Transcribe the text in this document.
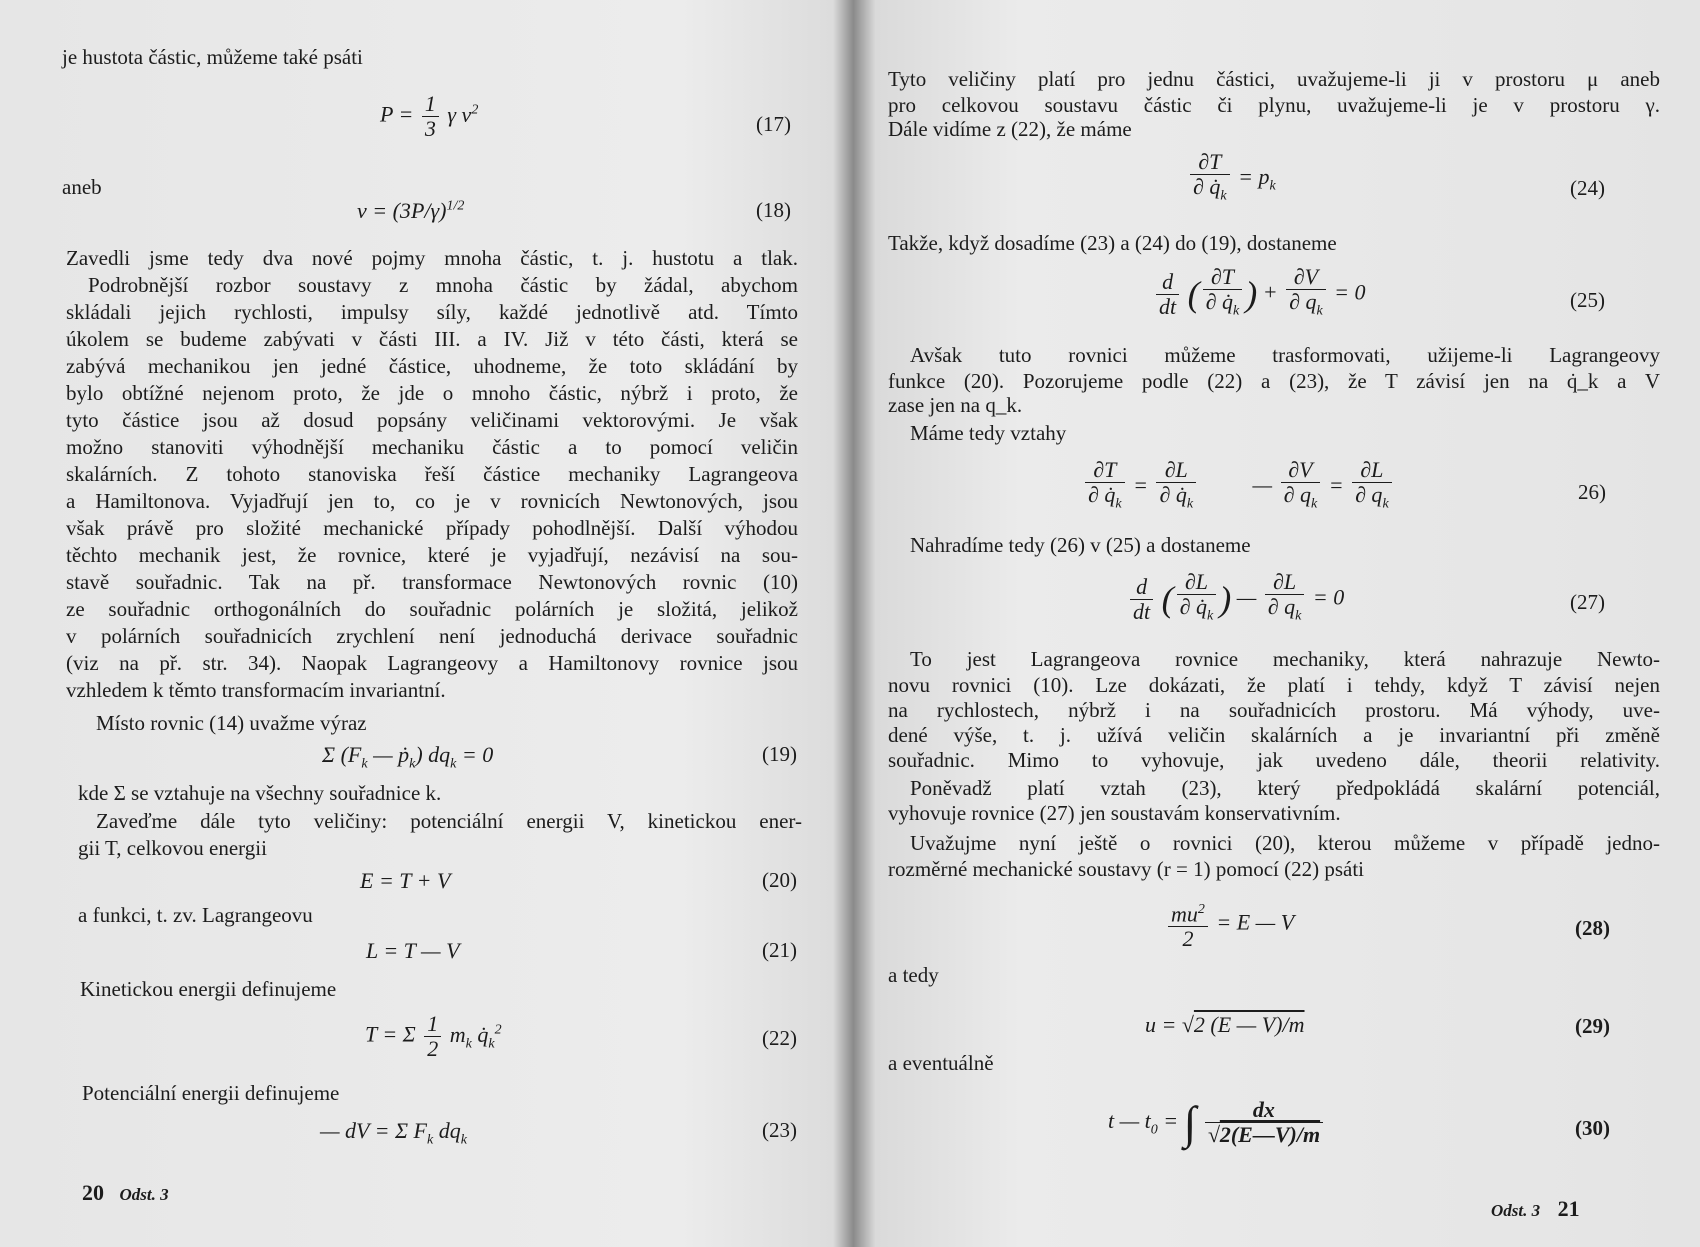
je hustota částic, můžeme také psáti
$P = \frac{1}{3}$ γ $v^2$
(17)
aneb
$v = (3P/\gamma)^{1/2}$	(18)
Zavedli jsme tedy dva nové pojmy mnoha částic, t. j. hustotu a tlak.
Podrobnější rozbor soustavy z mnoha částic by žádal, abychom
skládali jejich rychlosti, impulsy síly, každé jednotlivě atd. Tímto
úkolem se budeme zabývati v části III. a IV. Již v této části, která se
zabývá mechanikou jen jedné částice, uhodneme, že toto skládání by
bylo obtížné nejenom proto, že jde o mnoho částic, nýbrž i proto, že
tyto částice jsou až dosud popsány veličinami vektorovými. Je však
možno stanoviti výhodnější mechaniku částic a to pomocí veličin
skalárních. Z tohoto stanoviska řeší částice mechaniky Lagrangeova
a Hamiltonova. Vyjadřují jen to, co je v rovnicích Newtonových, jsou
však právě pro složité mechanické případy pohodlnější. Další výhodou
těchto mechanik jest, že rovnice, které je vyjadřují, nezávisí na sou-
stavě souřadnic. Tak na př. transformace Newtonových rovnic (10)
ze souřadnic orthogonálních do souřadnic polárních je složitá, jelikož
v polárních souřadnicích zrychlení není jednoduchá derivace souřadnic
(viz na př. str. 34). Naopak Lagrangeovy a Hamiltonovy rovnice jsou
vzhledem k těmto transformacím invariantní.
Místo rovnic (14) uvažme výraz
Σ ($F_k$ — ṗ$_k$) $dq_k = 0$	(19)
kde Σ se vztahuje na všechny souřadnice k.
Zaveďme dále tyto veličiny: potenciální energii V, kinetickou ener-
gii T, celkovou energii
E = T + V	(20)
a funkci, t. zv. Lagrangeovu
L = T — V	(21)
Kinetickou energii definujeme
T = Σ $\frac{1}{2} m_k$ $q̇_k^2$	(22)
Potenciální energii definujeme
— dV = Σ $F_k$ $dq_k$	(23)
20 Odst. 3
Tyto veličiny platí pro jednu částici, uvažujeme-li ji v prostoru μ aneb
pro celkovou soustavu částic či plynu, uvažujeme-li je v prostoru γ.
Dále vidíme z (22), že máme
$\frac{\partial T}{\partial q̇_k} = p_k$	(24)
Takže, když dosadíme (23) a (24) do (19), dostaneme
$\frac{d}{dt}$ ( $\frac{\partial T}{\partial q̇_k}$ ) + $\frac{\partial V}{\partial q_k} = 0$	(25)
Avšak tuto rovnici můžeme trasformovati, užijeme-li Lagrangeovy
funkce (20). Pozorujeme podle (22) a (23), že T závisí jen na q̇_k a V
zase jen na q_k.
Máme tedy vztahy
$\frac{\partial T}{\partial q̇_k} = \frac{\partial L}{\partial q̇_k}$	— $\frac{\partial V}{\partial q_k} = \frac{\partial L}{\partial q_k}$	26)
Nahradíme tedy (26) v (25) a dostaneme
$\frac{d}{dt}$ ( $\frac{\partial L}{\partial q̇_k}$ ) — $\frac{\partial L}{\partial q_k} = 0$	(27)
To jest Lagrangeova rovnice mechaniky, která nahrazuje Newto-
novu rovnici (10). Lze dokázati, že platí i tehdy, když T závisí nejen
na rychlostech, nýbrž i na souřadnicích prostoru. Má výhody, uve-
dené výše, t. j. užívá veličin skalárních a je invariantní při změně
souřadnic. Mimo to vyhovuje, jak uvedeno dále, theorii relativity.
Poněvadž platí vztah (23), který předpokládá skalární potenciál,
vyhovuje rovnice (27) jen soustavám konservativním.
Uvažujme nyní ještě o rovnici (20), kterou můžeme v případě jedno-
rozměrné mechanické soustavy (r = 1) pomocí (22) psáti
$\frac{mu^2}{2} = E$ — V	(28)
a tedy
u = √2 (E — V)/m	(29)
a eventuálně
t — $t_0$ = ∫ $\frac{dx}{√2(E—V)/m}$	(30)
Odst. 3 21
